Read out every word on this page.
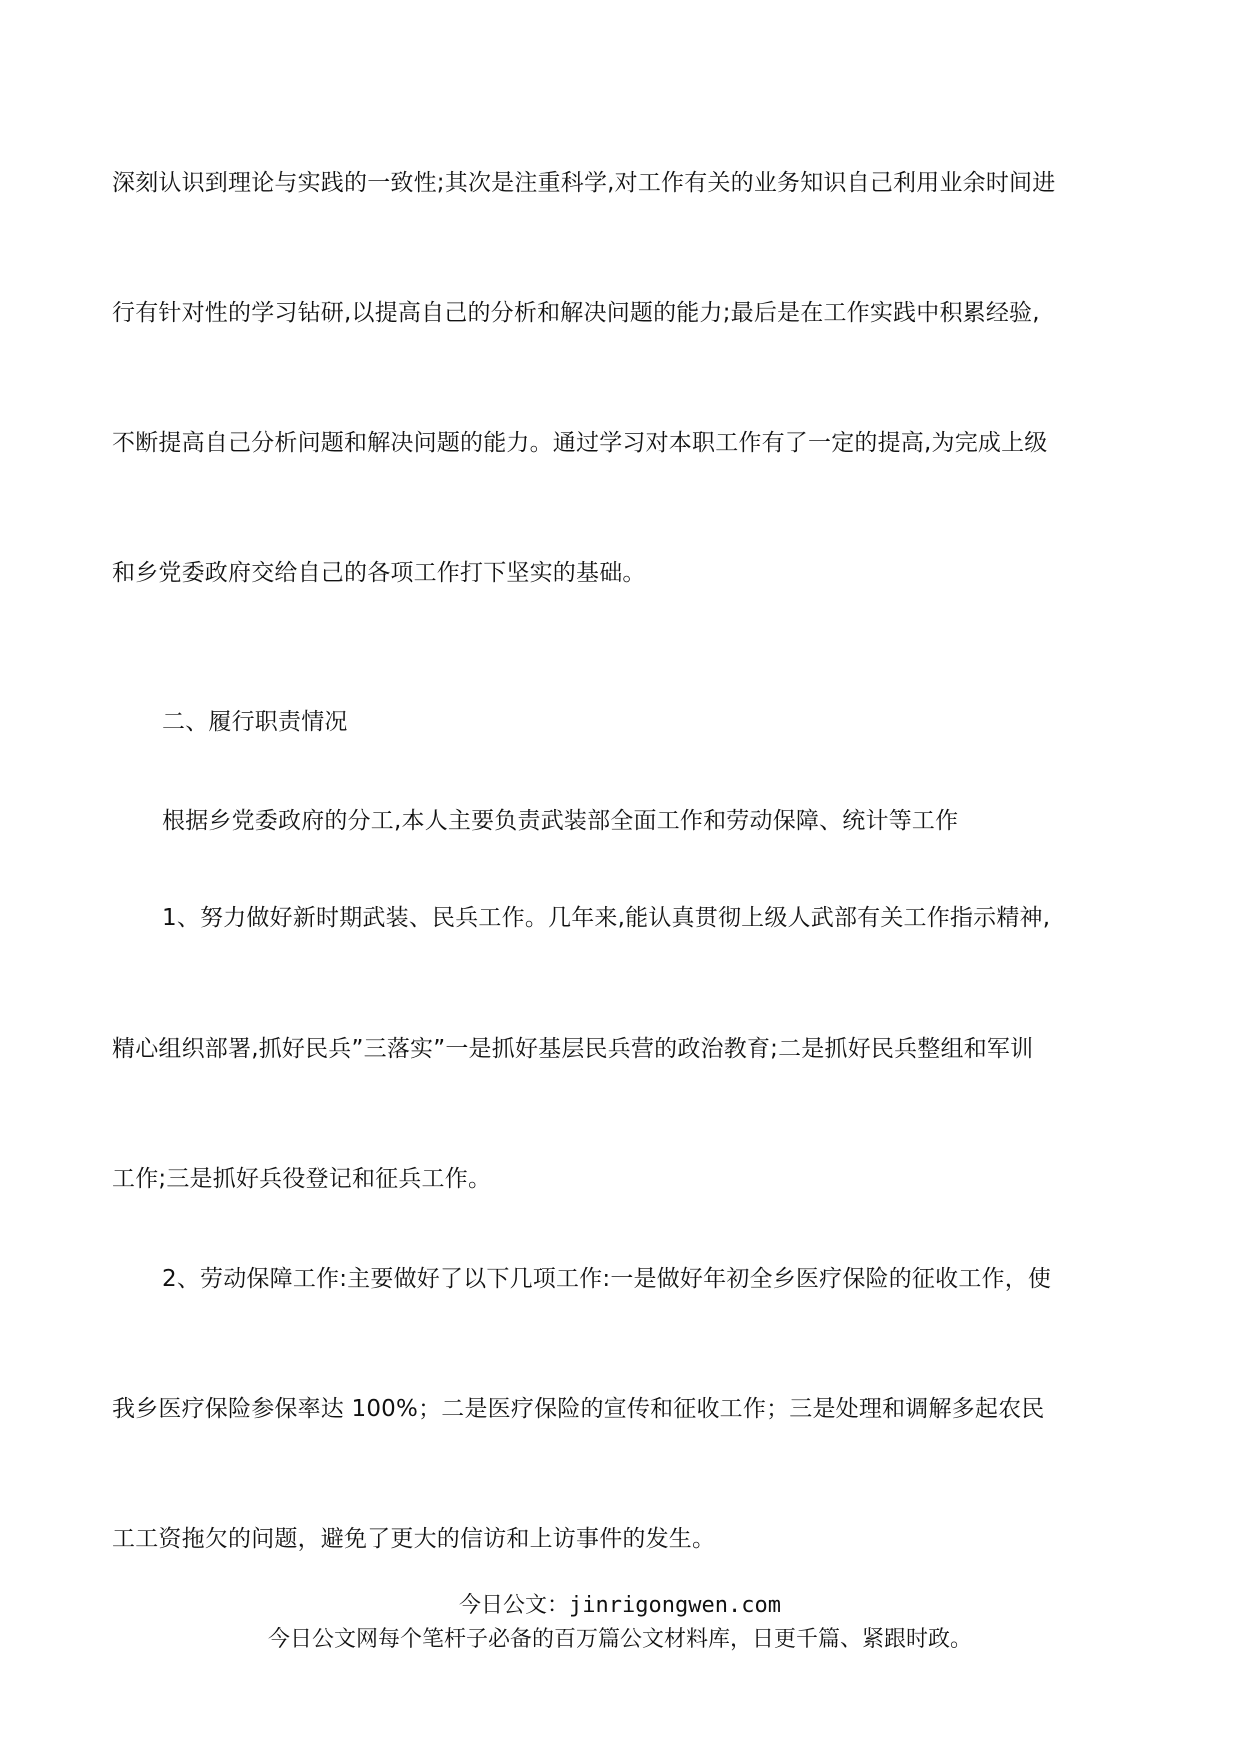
深刻认识到理论与实践的一致性;其次是注重科学,对工作有关的业务知识自己利用业余时间进
行有针对性的学习钻研,以提高自己的分析和解决问题的能力;最后是在工作实践中积累经验,
不断提高自己分析问题和解决问题的能力。通过学习对本职工作有了一定的提高,为完成上级
和乡党委政府交给自己的各项工作打下坚实的基础。
二、履行职责情况
根据乡党委政府的分工,本人主要负责武装部全面工作和劳动保障、统计等工作
1、努力做好新时期武装、民兵工作。几年来,能认真贯彻上级人武部有关工作指示精神,
精心组织部署,抓好民兵”三落实”一是抓好基层民兵营的政治教育;二是抓好民兵整组和军训
工作;三是抓好兵役登记和征兵工作。
2、劳动保障工作:主要做好了以下几项工作:一是做好年初全乡医疗保险的征收工作，使
我乡医疗保险参保率达 100%；二是医疗保险的宣传和征收工作；三是处理和调解多起农民
工工资拖欠的问题，避免了更大的信访和上访事件的发生。
今日公文：jinrigongwen.com
今日公文网每个笔杆子必备的百万篇公文材料库，日更千篇、紧跟时政。
